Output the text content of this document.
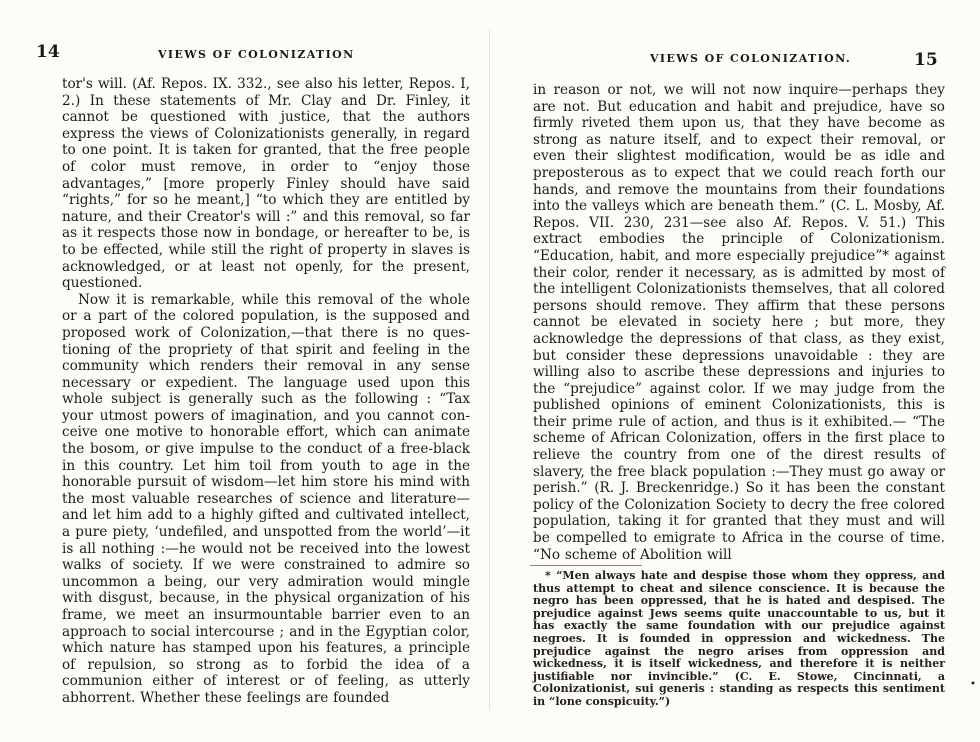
14	VIEWS OF COLONIZATION

tor's will. (Af. Repos. IX. 332., see also his letter, Repos. I, 2.) In these statements of Mr. Clay and Dr. Finley, it cannot be questioned with justice, that the authors express the views of Colonizationists generally, in regard to one point. It is taken for granted, that the free people of color must remove, in order to “enjoy those advantages,” [more properly Finley should have said “rights,” for so he meant,] “to which they are entitled by nature, and their Creator's will :” and this removal, so far as it respects those now in bondage, or hereafter to be, is to be effected, while still the right of property in slaves is acknowledged, or at least not openly, for the present, questioned.

Now it is remarkable, while this removal of the whole or a part of the colored population, is the supposed and proposed work of Colonization,—that there is no questioning of the propriety of that spirit and feeling in the community which renders their removal in any sense necessary or expedient. The language used upon this whole subject is generally such as the following : “Tax your utmost powers of imagination, and you cannot conceive one motive to honorable effort, which can animate the bosom, or give impulse to the conduct of a free-black in this country. Let him toil from youth to age in the honorable pursuit of wisdom—let him store his mind with the most valuable researches of science and literature—and let him add to a highly gifted and cultivated intellect, a pure piety, ‘undefiled, and unspotted from the world’—it is all nothing :—he would not be received into the lowest walks of society. If we were constrained to admire so uncommon a being, our very admiration would mingle with disgust, because, in the physical organization of his frame, we meet an insurmountable barrier even to an approach to social intercourse ; and in the Egyptian color, which nature has stamped upon his features, a principle of repulsion, so strong as to forbid the idea of a communion either of interest or of feeling, as utterly abhorrent. Whether these feelings are founded

VIEWS OF COLONIZATION.	15

in reason or not, we will not now inquire—perhaps they are not. But education and habit and prejudice, have so firmly riveted them upon us, that they have become as strong as nature itself, and to expect their removal, or even their slightest modification, would be as idle and preposterous as to expect that we could reach forth our hands, and remove the mountains from their foundations into the valleys which are beneath them.” (C. L. Mosby, Af. Repos. VII. 230, 231—see also Af. Repos. V. 51.) This extract embodies the principle of Colonizationism. “Education, habit, and more especially prejudice”* against their color, render it necessary, as is admitted by most of the intelligent Colonizationists themselves, that all colored persons should remove. They affirm that these persons cannot be elevated in society here ; but more, they acknowledge the depressions of that class, as they exist, but consider these depressions unavoidable : they are willing also to ascribe these depressions and injuries to the “prejudice” against color. If we may judge from the published opinions of eminent Colonizationists, this is their prime rule of action, and thus is it exhibited.— “The scheme of African Colonization, offers in the first place to relieve the country from one of the direst results of slavery, the free black population :—They must go away or perish.” (R. J. Breckenridge.) So it has been the constant policy of the Colonization Society to decry the free colored population, taking it for granted that they must and will be compelled to emigrate to Africa in the course of time. “No scheme of Abolition will

* “Men always hate and despise those whom they oppress, and thus attempt to cheat and silence conscience. It is because the negro has been oppressed, that he is hated and despised. The prejudice against Jews seems quite unaccountable to us, but it has exactly the same foundation with our prejudice against negroes. It is founded in oppression and wickedness. The prejudice against the negro arises from oppression and wickedness, it is itself wickedness, and therefore it is neither justifiable nor invincible.” (C. E. Stowe, Cincinnati, a Colonizationist, sui generis : standing as respects this sentiment in “lone conspicuity.”)

•
